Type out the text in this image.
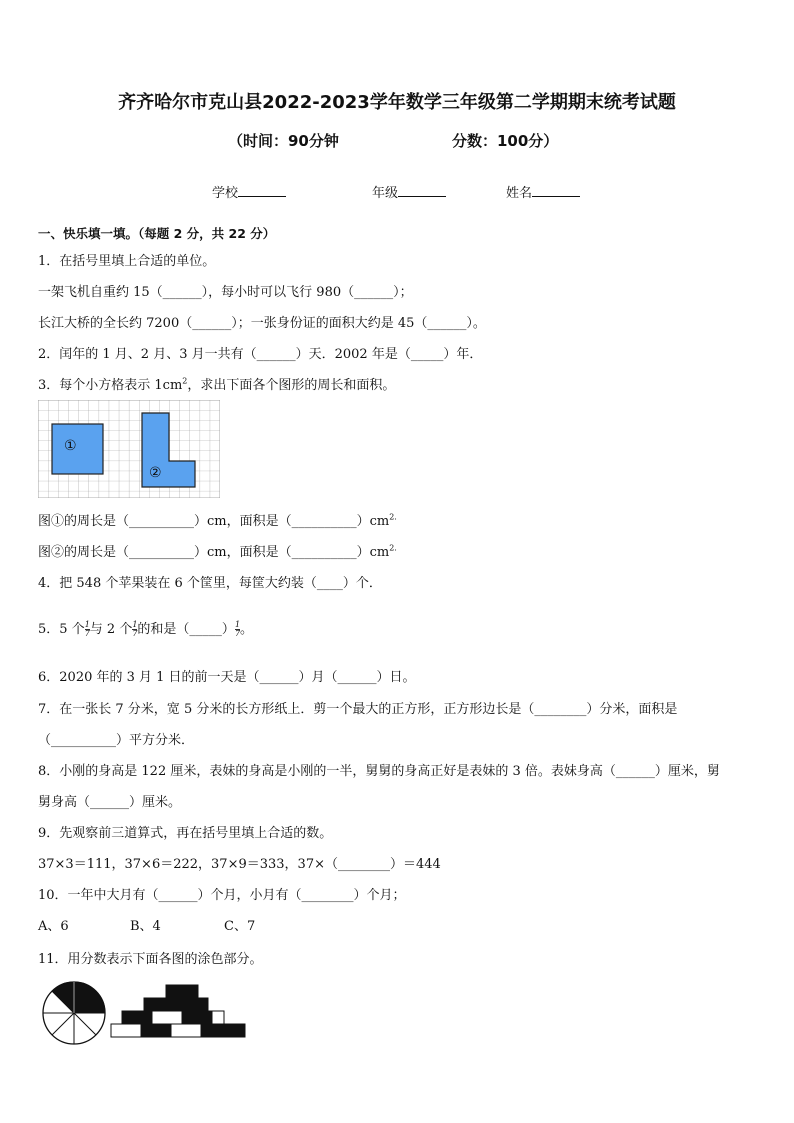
齐齐哈尔市克山县2022-2023学年数学三年级第二学期期末统考试题
（时间：90分钟	分数：100分）
学校	年级	姓名
一、快乐填一填。（每题 2 分，共 22 分）
1．在括号里填上合适的单位。
一架飞机自重约 15（______），每小时可以飞行 980（______）；
长江大桥的全长约 7200（______）；一张身份证的面积大约是 45（______）。
2．闰年的 1 月、2 月、3 月一共有（______）天．2002 年是（_____）年．
3．每个小方格表示 $1cm^2$，求出下面各个图形的周长和面积。
①
②
图①的周长是（__________）cm，面积是$(\_\_\_\_\_\_\_\_\_\_)cm^{2.}$
图②的周长是（__________）cm，面积是$(\_\_\_\_\_\_\_\_\_\_)cm^{2.}$
4．把 548 个苹果装在 6 个筐里，每筐大约装（____）个．
5．5 个 $\frac{1}{7}$ 与 2 个 $\frac{1}{7}$ 的和是（_____） $\frac{1}{7}$ 。
6．2020 年的 3 月 1 日的前一天是（______）月（______）日。
7．在一张长 7 分米，宽 5 分米的长方形纸上．剪一个最大的正方形，正方形边长是（________）分米，面积是
（__________）平方分米．
8．小刚的身高是 122 厘米，表妹的身高是小刚的一半，舅舅的身高正好是表妹的 3 倍。表妹身高（______）厘米，舅
舅身高（______）厘米。
9．先观察前三道算式，再在括号里填上合适的数。
37×3＝111，37×6＝222，37×9＝333，37×（________）＝444
10．一年中大月有（______）个月，小月有（________）个月；
A、6	B、4	C、7
11．用分数表示下面各图的涂色部分。
